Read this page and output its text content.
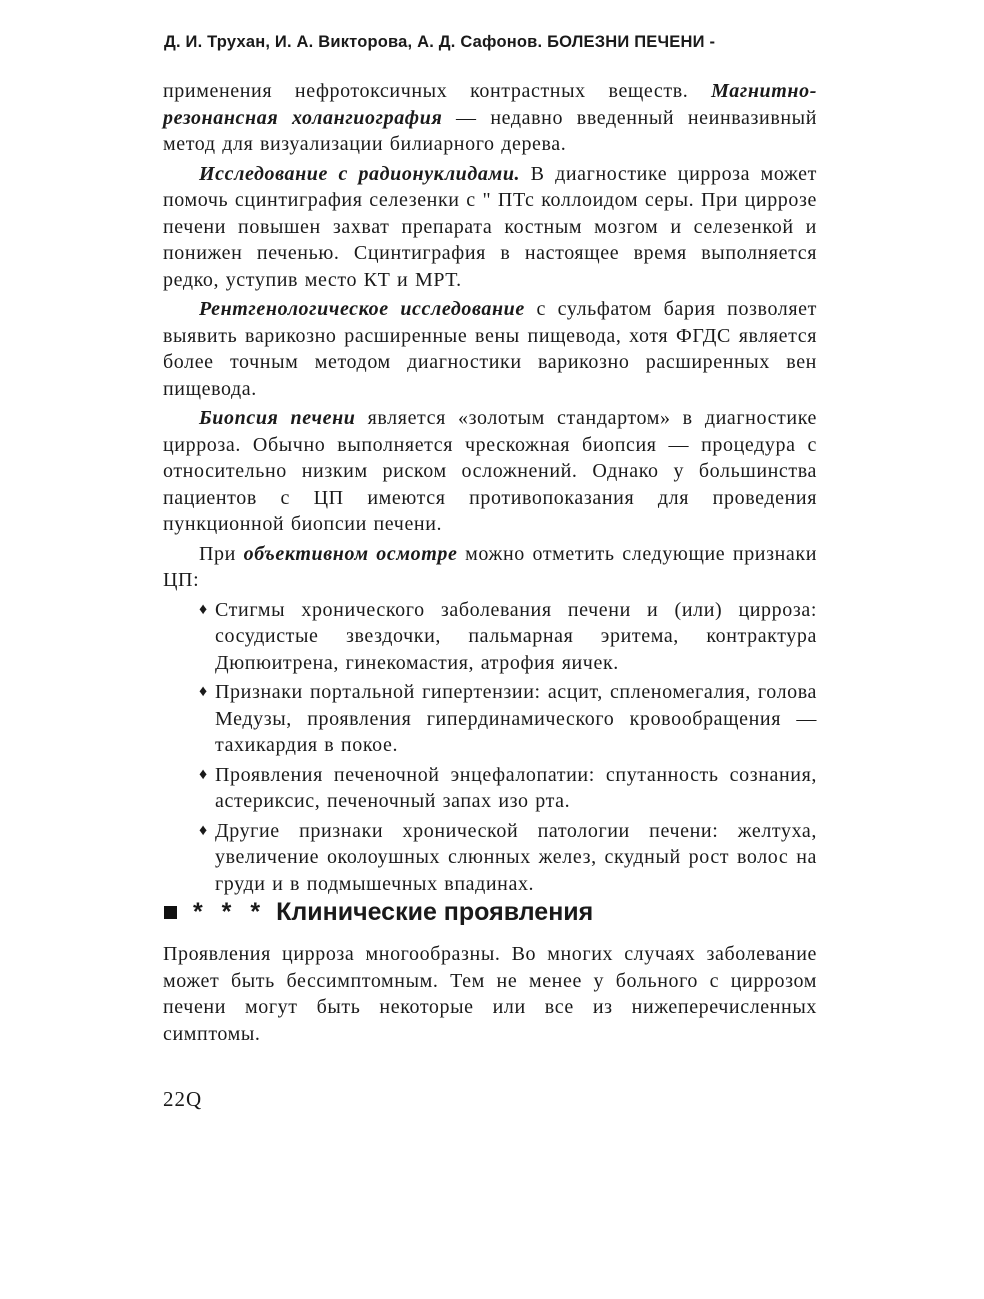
Д. И. Трухан, И. А. Викторова, А. Д. Сафонов. БОЛЕЗНИ ПЕЧЕНИ -

применения нефротоксичных контрастных веществ. Магнитно-резонансная холангиография — недавно введенный неинвазивный метод для визуализации билиарного дерева.

Исследование с радионуклидами. В диагностике цирроза может помочь сцинтиграфия селезенки с " ПТс коллоидом серы. При циррозе печени повышен захват препарата костным мозгом и селезенкой и понижен печенью. Сцинтиграфия в настоящее время выполняется редко, уступив место КТ и МРТ.

Рентгенологическое исследование с сульфатом бария позволяет выявить варикозно расширенные вены пищевода, хотя ФГДС является более точным методом диагностики варикозно расширенных вен пищевода.

Биопсия печени является «золотым стандартом» в диагностике цирроза. Обычно выполняется чрескожная биопсия — процедура с относительно низким риском осложнений. Однако у большинства пациентов с ЦП имеются противопоказания для проведения пункционной биопсии печени.

При объективном осмотре можно отметить следующие признаки ЦП:

♦ Стигмы хронического заболевания печени и (или) цирроза: сосудистые звездочки, пальмарная эритема, контрактура Дюпюитрена, гинекомастия, атрофия яичек.
♦ Признаки портальной гипертензии: асцит, спленомегалия, голова Медузы, проявления гипердинамического кровообращения — тахикардия в покое.
♦ Проявления печеночной энцефалопатии: спутанность сознания, астериксис, печеночный запах изо рта.
♦ Другие признаки хронической патологии печени: желтуха, увеличение околоушных слюнных желез, скудный рост волос на груди и в подмышечных впадинах.
* * * Клинические проявления
Проявления цирроза многообразны. Во многих случаях заболевание может быть бессимптомным. Тем не менее у больного с циррозом печени могут быть некоторые или все из нижеперечисленных симптомы.
22Q
